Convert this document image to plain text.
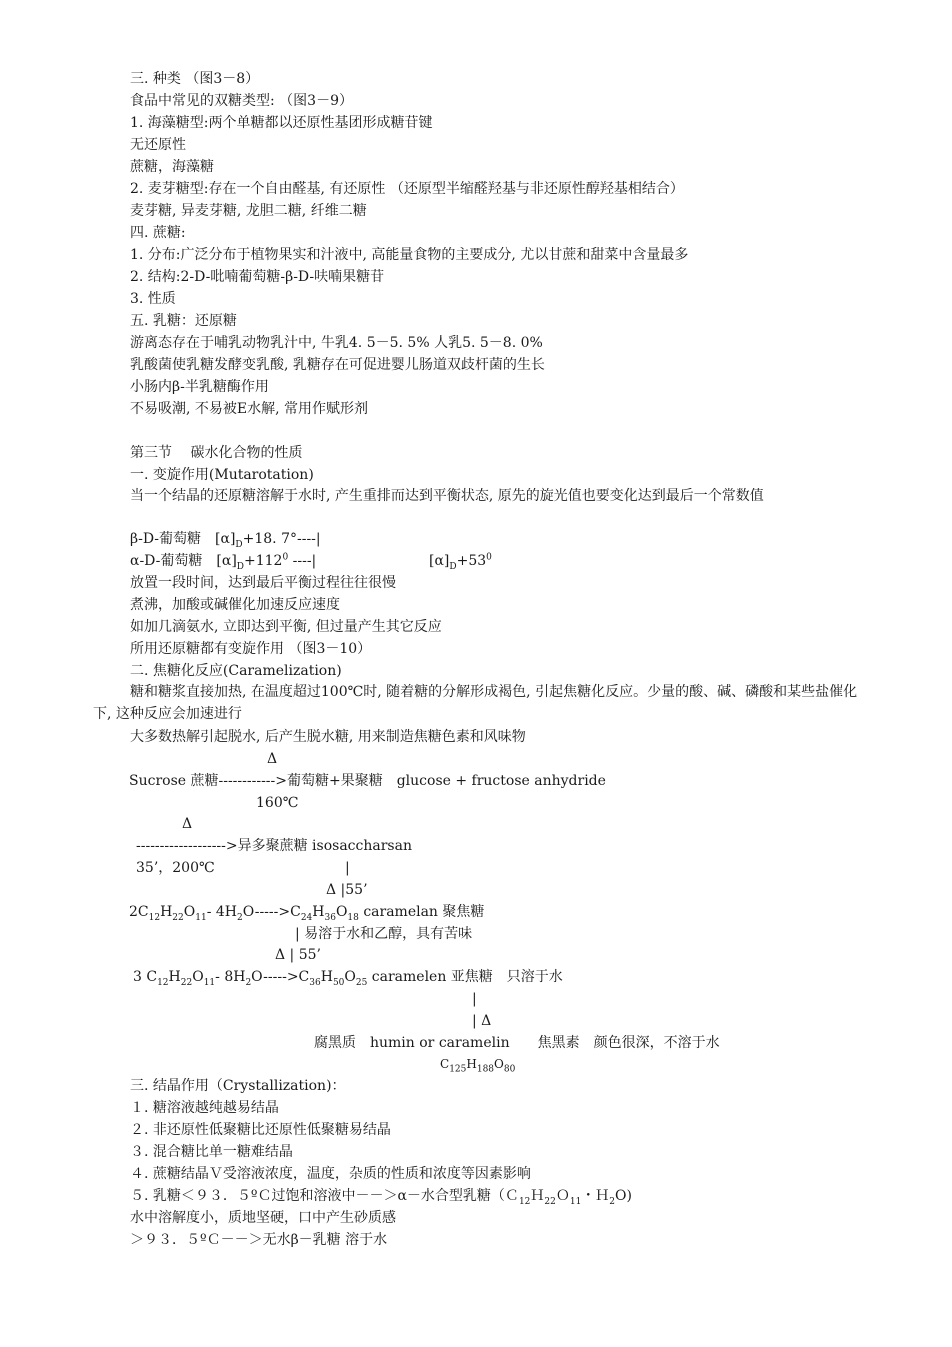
三. 种类 （图3－8）
食品中常见的双糖类型: （图3－9）
1. 海藻糖型:两个单糖都以还原性基团形成糖苷键
无还原性
蔗糖，海藻糖
2. 麦芽糖型:存在一个自由醛基, 有还原性 （还原型半缩醛羟基与非还原性醇羟基相结合）
麦芽糖, 异麦芽糖, 龙胆二糖, 纤维二糖
四. 蔗糖:
1. 分布:广泛分布于植物果实和汁液中, 高能量食物的主要成分, 尤以甘蔗和甜菜中含量最多
2. 结构:2-D-吡喃葡萄糖-β-D-呋喃果糖苷
3. 性质
五. 乳糖：还原糖
游离态存在于哺乳动物乳汁中, 牛乳4. 5－5. 5% 人乳5. 5－8. 0%
乳酸菌使乳糖发酵变乳酸, 乳糖存在可促进婴儿肠道双歧杆菌的生长
小肠内β-半乳糖酶作用
不易吸潮, 不易被E水解, 常用作赋形剂
第三节　 碳水化合物的性质
一. 变旋作用(Mutarotation)
当一个结晶的还原糖溶解于水时, 产生重排而达到平衡状态, 原先的旋光值也要变化达到最后一个常数值
β-D-葡萄糖　$[\alpha]_D+18$. 7°----|
α-D-葡萄糖　$[\alpha]_D+112^0$ ----|	$[\alpha]_D+53^0$
放置一段时间，达到最后平衡过程往往很慢
煮沸，加酸或碱催化加速反应速度
如加几滴氨水, 立即达到平衡, 但过量产生其它反应
所用还原糖都有变旋作用 （图3－10）
二. 焦糖化反应(Caramelization)
糖和糖浆直接加热, 在温度超过100℃时, 随着糖的分解形成褐色, 引起焦糖化反应。少量的酸、碱、磷酸和某些盐催化下, 这种反应会加速进行
大多数热解引起脱水, 后产生脱水糖, 用来制造焦糖色素和风味物
Δ
Sucrose 蔗糖------------>葡萄糖+果聚糖　glucose + fructose anhydride
160℃
Δ
------------------->异多聚蔗糖 isosaccharsan
35’，200℃	|
Δ |55’
$2C_{12}H_{22}O_{11}-$ $4H_2O----->C_{24}H_{36}O_{18}$ caramelan 聚焦糖
| 易溶于水和乙醇，具有苦味
Δ | 55’
3 $C_{12}H_{22}O_{11}-$ $8H_2O----->C_{36}H_{50}O_{25}$ caramelen 亚焦糖　只溶于水
|
| Δ
腐黑质　humin or caramelin　　焦黑素　颜色很深，不溶于水
$C_{125}H_{188}O_{80}$
三. 结晶作用（Crystallization)：
１. 糖溶液越纯越易结晶
２. 非还原性低聚糖比还原性低聚糖易结晶
３. 混合糖比单一糖难结晶
４. 蔗糖结晶Ｖ受溶液浓度，温度，杂质的性质和浓度等因素影响
５. 乳糖＜９３．５ºＣ过饱和溶液中－－＞α－水合型乳糖（Ｃ$_{12}$Ｈ$_{22}$Ｏ$_{11}$・Ｈ$_2$O)
水中溶解度小，质地坚硬，口中产生砂质感
＞９３．５ºＣ－－＞无水β－乳糖 溶于水
